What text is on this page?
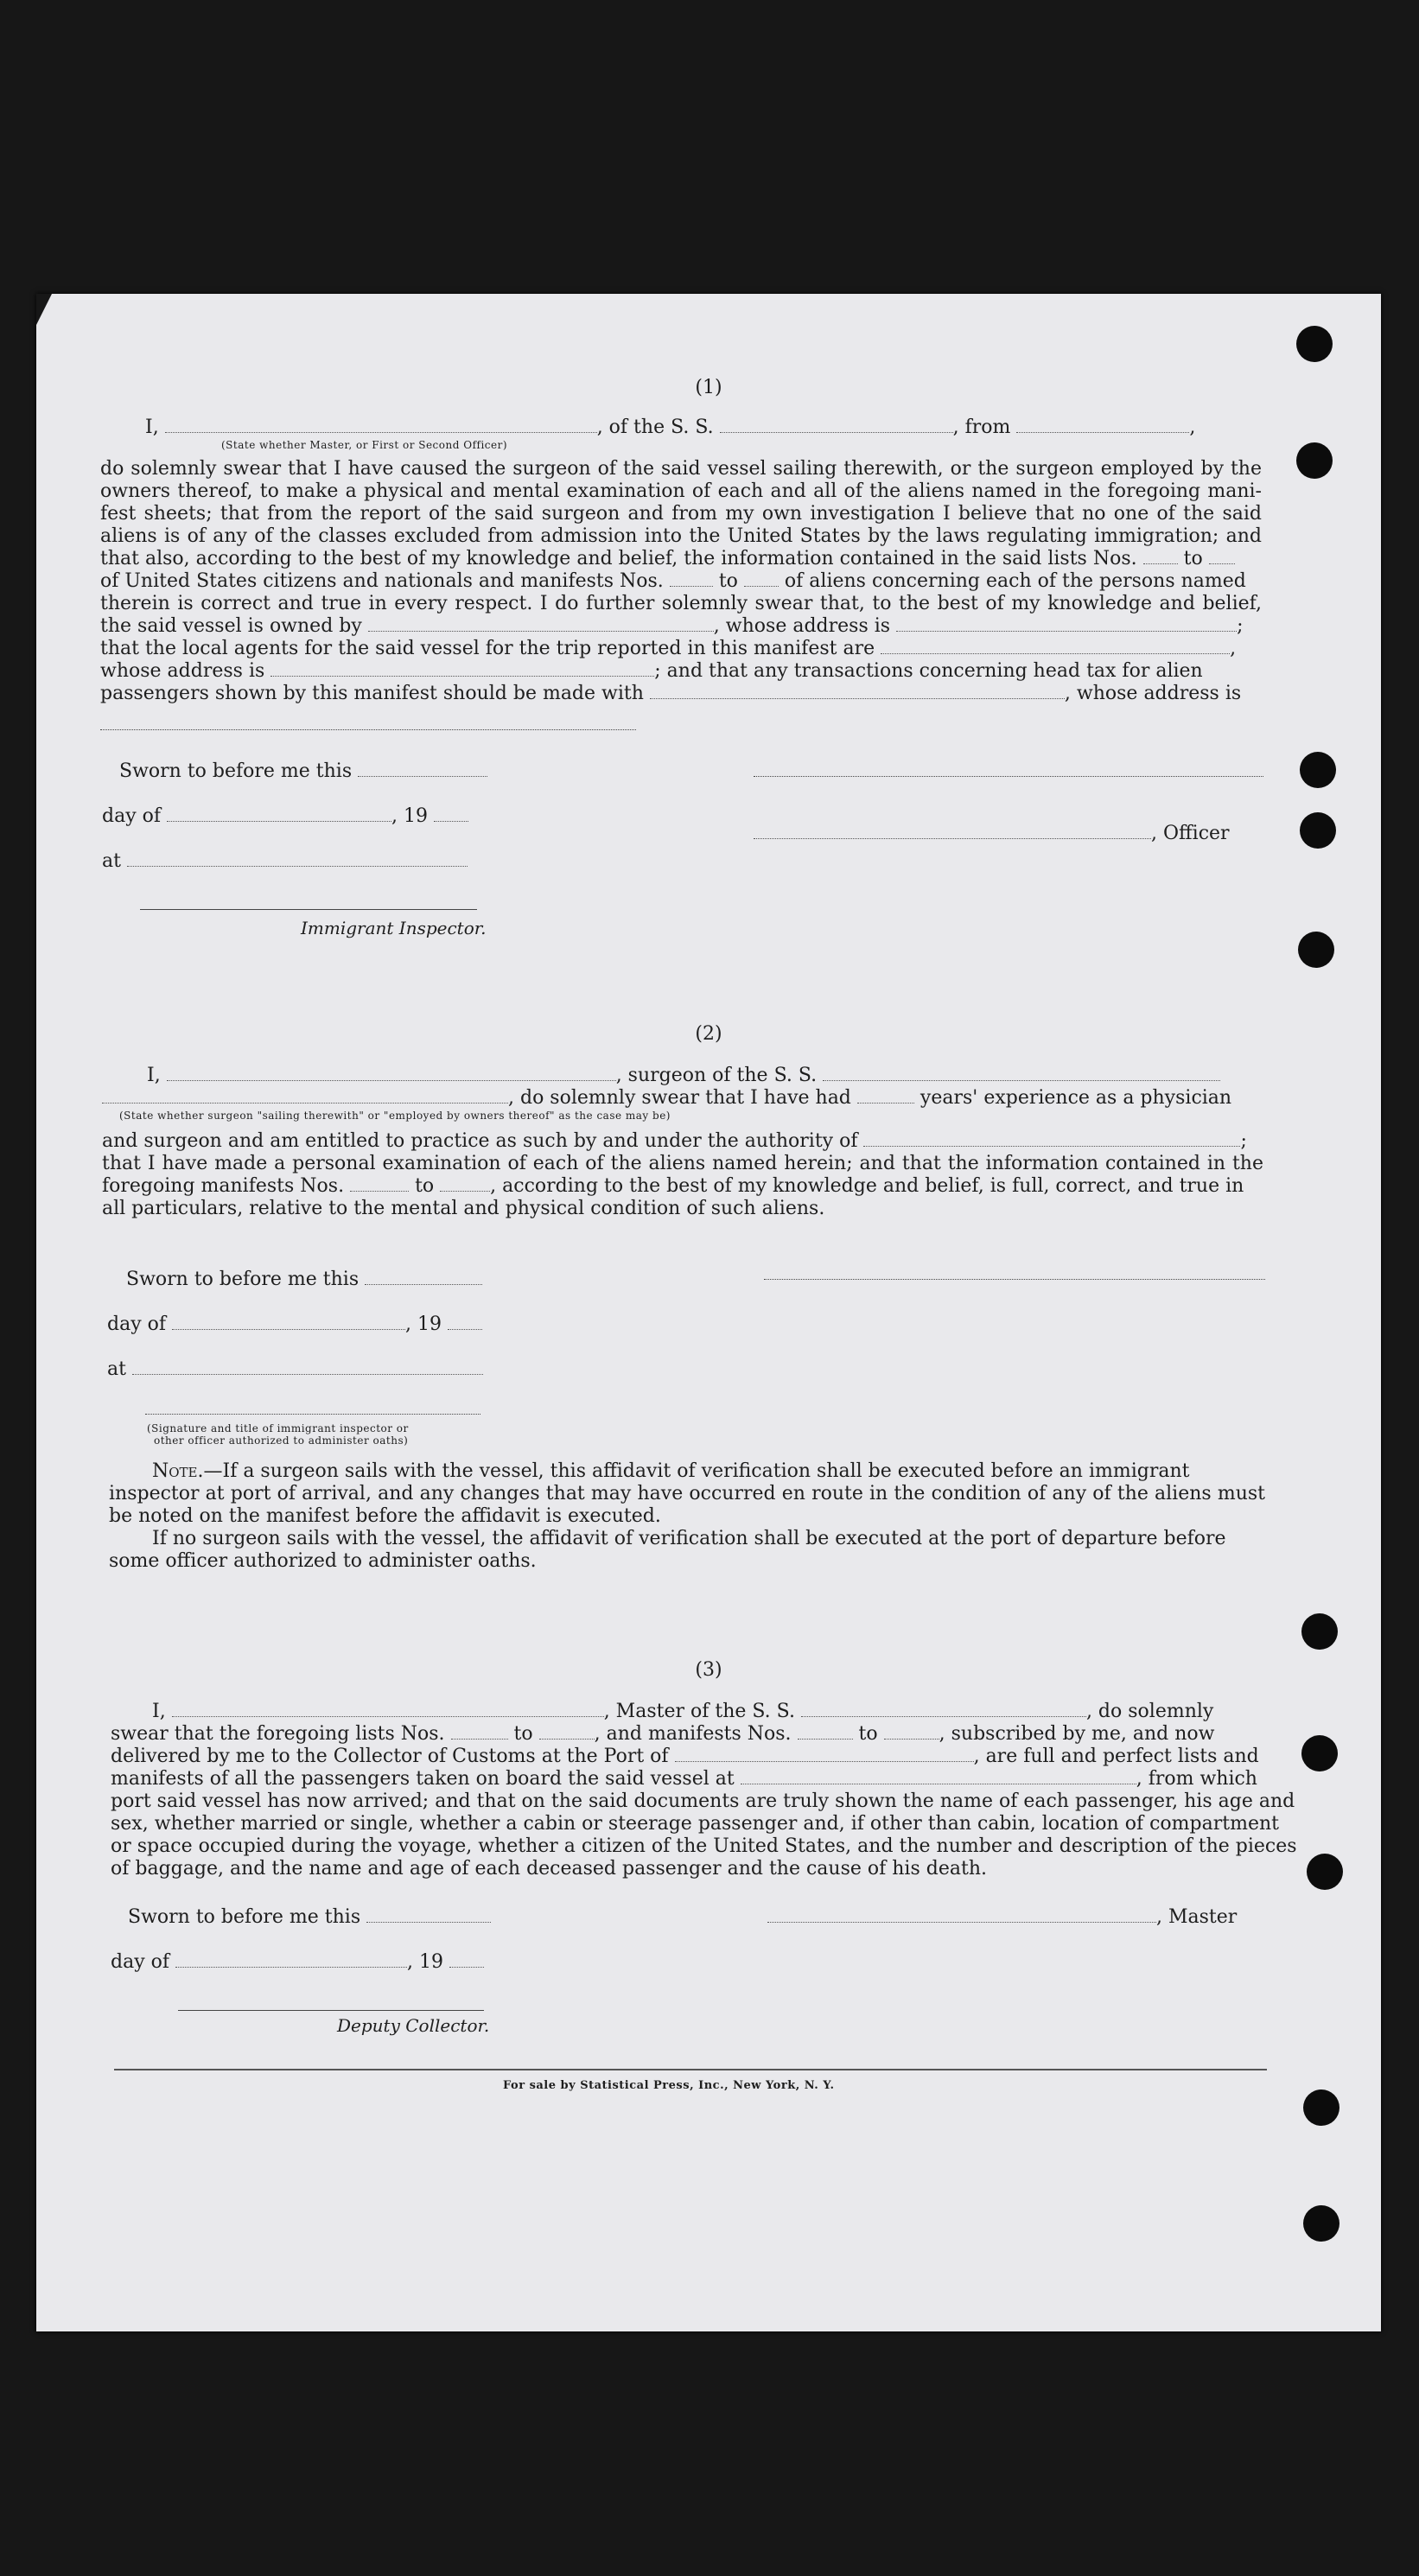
(1)
I,	, of the S. S.	, from	,
(State whether Master, or First or Second Officer)
do solemnly swear that I have caused the surgeon of the said vessel sailing therewith, or the surgeon employed by the
owners thereof, to make a physical and mental examination of each and all of the aliens named in the foregoing mani-
fest sheets; that from the report of the said surgeon and from my own investigation I believe that no one of the said
aliens is of any of the classes excluded from admission into the United States by the laws regulating immigration; and
that also, according to the best of my knowledge and belief, the information contained in the said lists Nos. to
of United States citizens and nationals and manifests Nos.	to of aliens concerning each of the persons named
therein is correct and true in every respect. I do further solemnly swear that, to the best of my knowledge and belief,
the said vessel is owned by	, whose address is	;
that the local agents for the said vessel for the trip reported in this manifest are	,
whose address is	; and that any transactions concerning head tax for alien
passengers shown by this manifest should be made with	, whose address is
Sworn to before me this
day of	, 19
at
Immigrant Inspector.
, Officer
(2)
I,	, surgeon of the S. S.
, do solemnly swear that I have had	years' experience as a physician
(State whether surgeon "sailing therewith" or "employed by owners thereof" as the case may be)
and surgeon and am entitled to practice as such by and under the authority of	;
that I have made a personal examination of each of the aliens named herein; and that the information contained in the
foregoing manifests Nos.	to	, according to the best of my knowledge and belief, is full, correct, and true in
all particulars, relative to the mental and physical condition of such aliens.
Sworn to before me this
day of	, 19
at
(Signature and title of immigrant inspector or
other officer authorized to administer oaths)
Note.—If a surgeon sails with the vessel, this affidavit of verification shall be executed before an immigrant
inspector at port of arrival, and any changes that may have occurred en route in the condition of any of the aliens must
be noted on the manifest before the affidavit is executed.
If no surgeon sails with the vessel, the affidavit of verification shall be executed at the port of departure before
some officer authorized to administer oaths.
(3)
I,	, Master of the S. S.	, do solemnly
swear that the foregoing lists Nos.	to	, and manifests Nos.	to	, subscribed by me, and now
delivered by me to the Collector of Customs at the Port of	, are full and perfect lists and
manifests of all the passengers taken on board the said vessel at	, from which
port said vessel has now arrived; and that on the said documents are truly shown the name of each passenger, his age and
sex, whether married or single, whether a cabin or steerage passenger and, if other than cabin, location of compartment
or space occupied during the voyage, whether a citizen of the United States, and the number and description of the pieces
of baggage, and the name and age of each deceased passenger and the cause of his death.
Sworn to before me this	, Master
day of	, 19
Deputy Collector.
For sale by Statistical Press, Inc., New York, N. Y.
